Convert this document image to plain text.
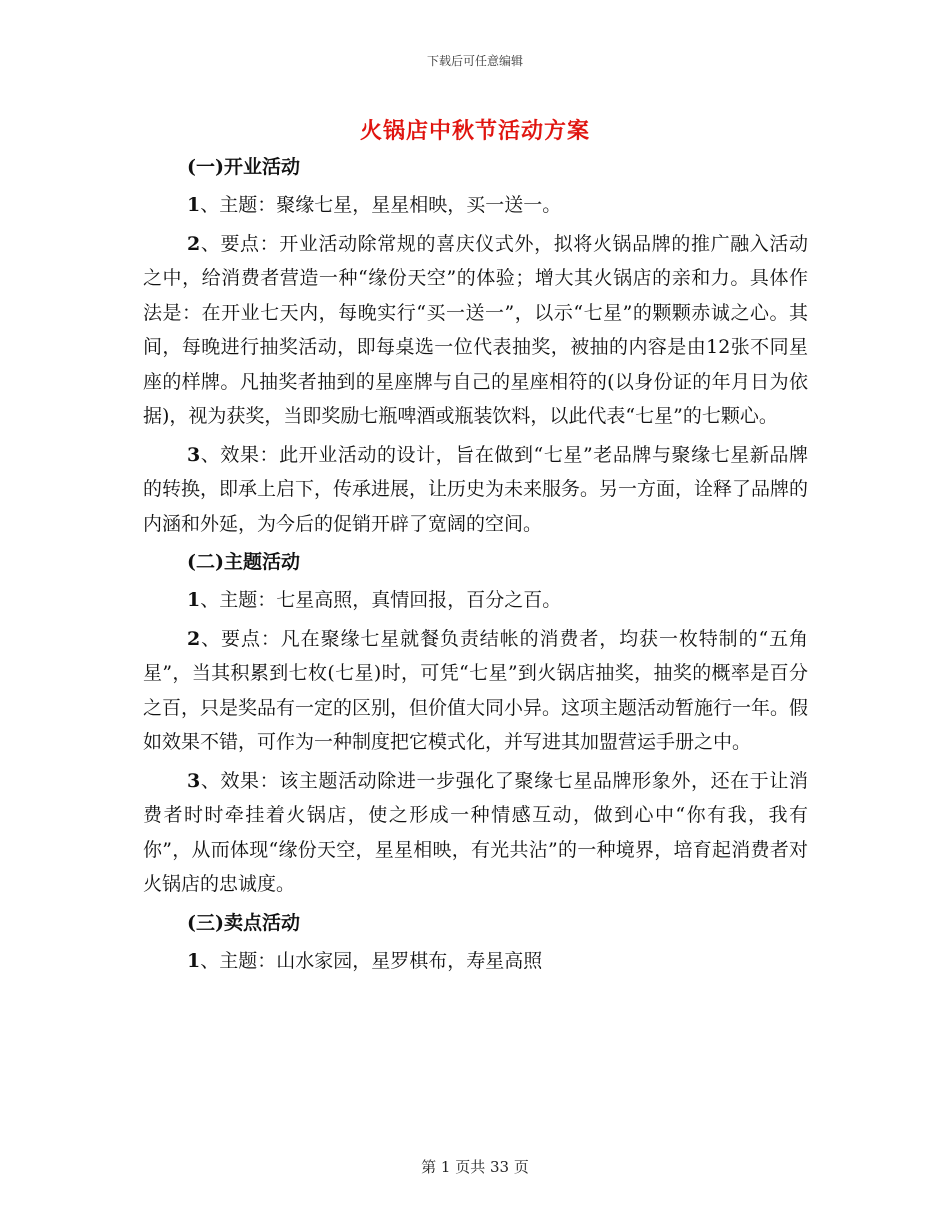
下载后可任意编辑
火锅店中秋节活动方案
(一)开业活动

1、主题：聚缘七星，星星相映，买一送一。

2、要点：开业活动除常规的喜庆仪式外，拟将火锅品牌的推广融入活动之中，给消费者营造一种“缘份天空”的体验；增大其火锅店的亲和力。具体作法是：在开业七天内，每晚实行“买一送一”，以示“七星”的颗颗赤诚之心。其间，每晚进行抽奖活动，即每桌选一位代表抽奖，被抽的内容是由12张不同星座的样牌。凡抽奖者抽到的星座牌与自己的星座相符的(以身份证的年月日为依据)，视为获奖，当即奖励七瓶啤酒或瓶装饮料，以此代表“七星”的七颗心。

3、效果：此开业活动的设计，旨在做到“七星”老品牌与聚缘七星新品牌的转换，即承上启下，传承进展，让历史为未来服务。另一方面，诠释了品牌的内涵和外延，为今后的促销开辟了宽阔的空间。

(二)主题活动

1、主题：七星高照，真情回报，百分之百。

2、要点：凡在聚缘七星就餐负责结帐的消费者，均获一枚特制的“五角星”，当其积累到七枚(七星)时，可凭“七星”到火锅店抽奖，抽奖的概率是百分之百，只是奖品有一定的区别，但价值大同小异。这项主题活动暂施行一年。假如效果不错，可作为一种制度把它模式化，并写进其加盟营运手册之中。

3、效果：该主题活动除进一步强化了聚缘七星品牌形象外，还在于让消费者时时牵挂着火锅店，使之形成一种情感互动，做到心中“你有我，我有你”，从而体现“缘份天空，星星相映，有光共沾”的一种境界，培育起消费者对火锅店的忠诚度。

(三)卖点活动

1、主题：山水家园，星罗棋布，寿星高照

第 1 页共 33 页
